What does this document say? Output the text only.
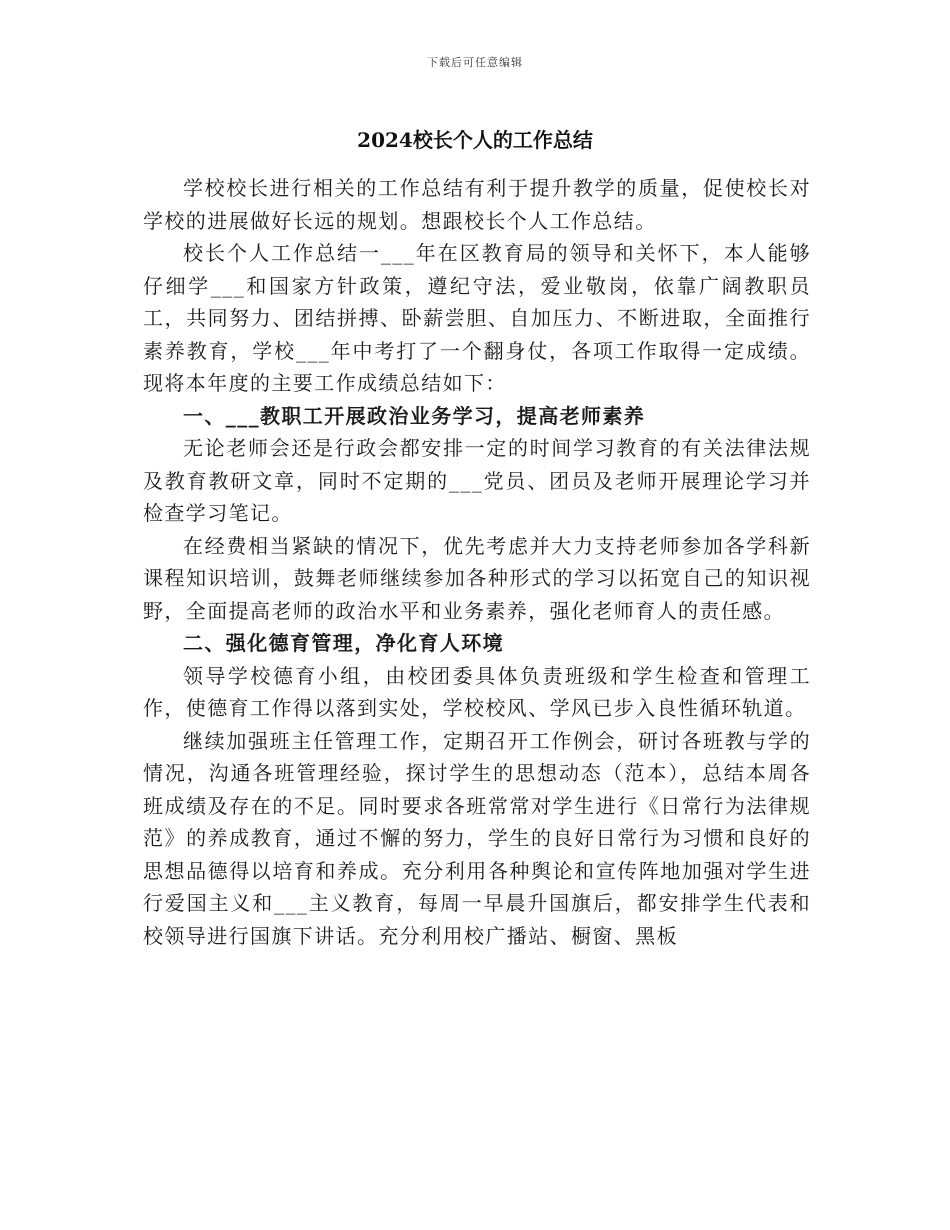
下载后可任意编辑
2024校长个人的工作总结

学校校长进行相关的工作总结有利于提升教学的质量，促使校长对学校的进展做好长远的规划。想跟校长个人工作总结。

校长个人工作总结一___年在区教育局的领导和关怀下，本人能够仔细学___和国家方针政策，遵纪守法，爱业敬岗，依靠广阔教职员工，共同努力、团结拼搏、卧薪尝胆、自加压力、不断进取，全面推行素养教育，学校___年中考打了一个翻身仗，各项工作取得一定成绩。现将本年度的主要工作成绩总结如下：

一、___教职工开展政治业务学习，提高老师素养

无论老师会还是行政会都安排一定的时间学习教育的有关法律法规及教育教研文章，同时不定期的___党员、团员及老师开展理论学习并检查学习笔记。

在经费相当紧缺的情况下，优先考虑并大力支持老师参加各学科新课程知识培训，鼓舞老师继续参加各种形式的学习以拓宽自己的知识视野，全面提高老师的政治水平和业务素养，强化老师育人的责任感。

二、强化德育管理，净化育人环境

领导学校德育小组，由校团委具体负责班级和学生检查和管理工作，使德育工作得以落到实处，学校校风、学风已步入良性循环轨道。

继续加强班主任管理工作，定期召开工作例会，研讨各班教与学的情况，沟通各班管理经验，探讨学生的思想动态（范本），总结本周各班成绩及存在的不足。同时要求各班常常对学生进行《日常行为法律规范》的养成教育，通过不懈的努力，学生的良好日常行为习惯和良好的思想品德得以培育和养成。充分利用各种舆论和宣传阵地加强对学生进行爱国主义和___主义教育，每周一早晨升国旗后，都安排学生代表和校领导进行国旗下讲话。充分利用校广播站、橱窗、黑板
